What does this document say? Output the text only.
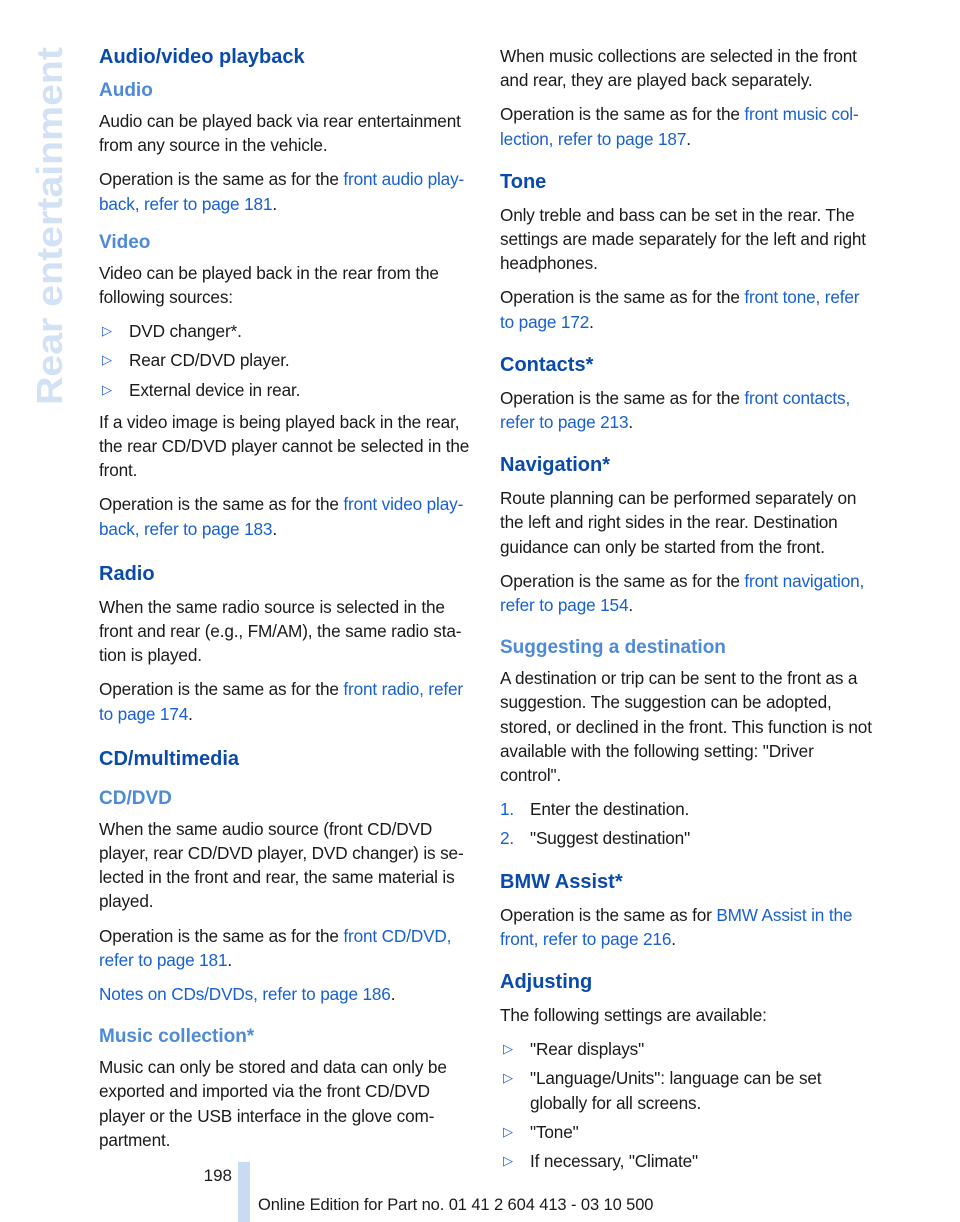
Rear entertainment
Audio/video playback
Audio

Audio can be played back via rear entertainment from any source in the vehicle.

Operation is the same as for the front audio playback, refer to page 181.

Video

Video can be played back in the rear from the following sources:

▷ DVD changer*.
▷ Rear CD/DVD player.
▷ External device in rear.

If a video image is being played back in the rear, the rear CD/DVD player cannot be selected in the front.

Operation is the same as for the front video playback, refer to page 183.

Radio

When the same radio source is selected in the front and rear (e.g., FM/AM), the same radio station is played.

Operation is the same as for the front radio, refer to page 174.

CD/multimedia
CD/DVD

When the same audio source (front CD/DVD player, rear CD/DVD player, DVD changer) is selected in the front and rear, the same material is played.

Operation is the same as for the front CD/DVD, refer to page 181.

Notes on CDs/DVDs, refer to page 186.

Music collection*

Music can only be stored and data can only be exported and imported via the front CD/DVD player or the USB interface in the glove compartment.

When music collections are selected in the front and rear, they are played back separately.

Operation is the same as for the front music collection, refer to page 187.

Tone

Only treble and bass can be set in the rear. The settings are made separately for the left and right headphones.

Operation is the same as for the front tone, refer to page 172.

Contacts*

Operation is the same as for the front contacts, refer to page 213.

Navigation*

Route planning can be performed separately on the left and right sides in the rear. Destination guidance can only be started from the front.

Operation is the same as for the front navigation, refer to page 154.

Suggesting a destination

A destination or trip can be sent to the front as a suggestion. The suggestion can be adopted, stored, or declined in the front. This function is not available with the following setting: "Driver control".

1. Enter the destination.
2. "Suggest destination"
BMW Assist*

Operation is the same as for BMW Assist in the front, refer to page 216.

Adjusting

The following settings are available:

▷ "Rear displays"
▷ "Language/Units": language can be set globally for all screens.
▷ "Tone"
▷ If necessary, "Climate"
198
Online Edition for Part no. 01 41 2 604 413 - 03 10 500
